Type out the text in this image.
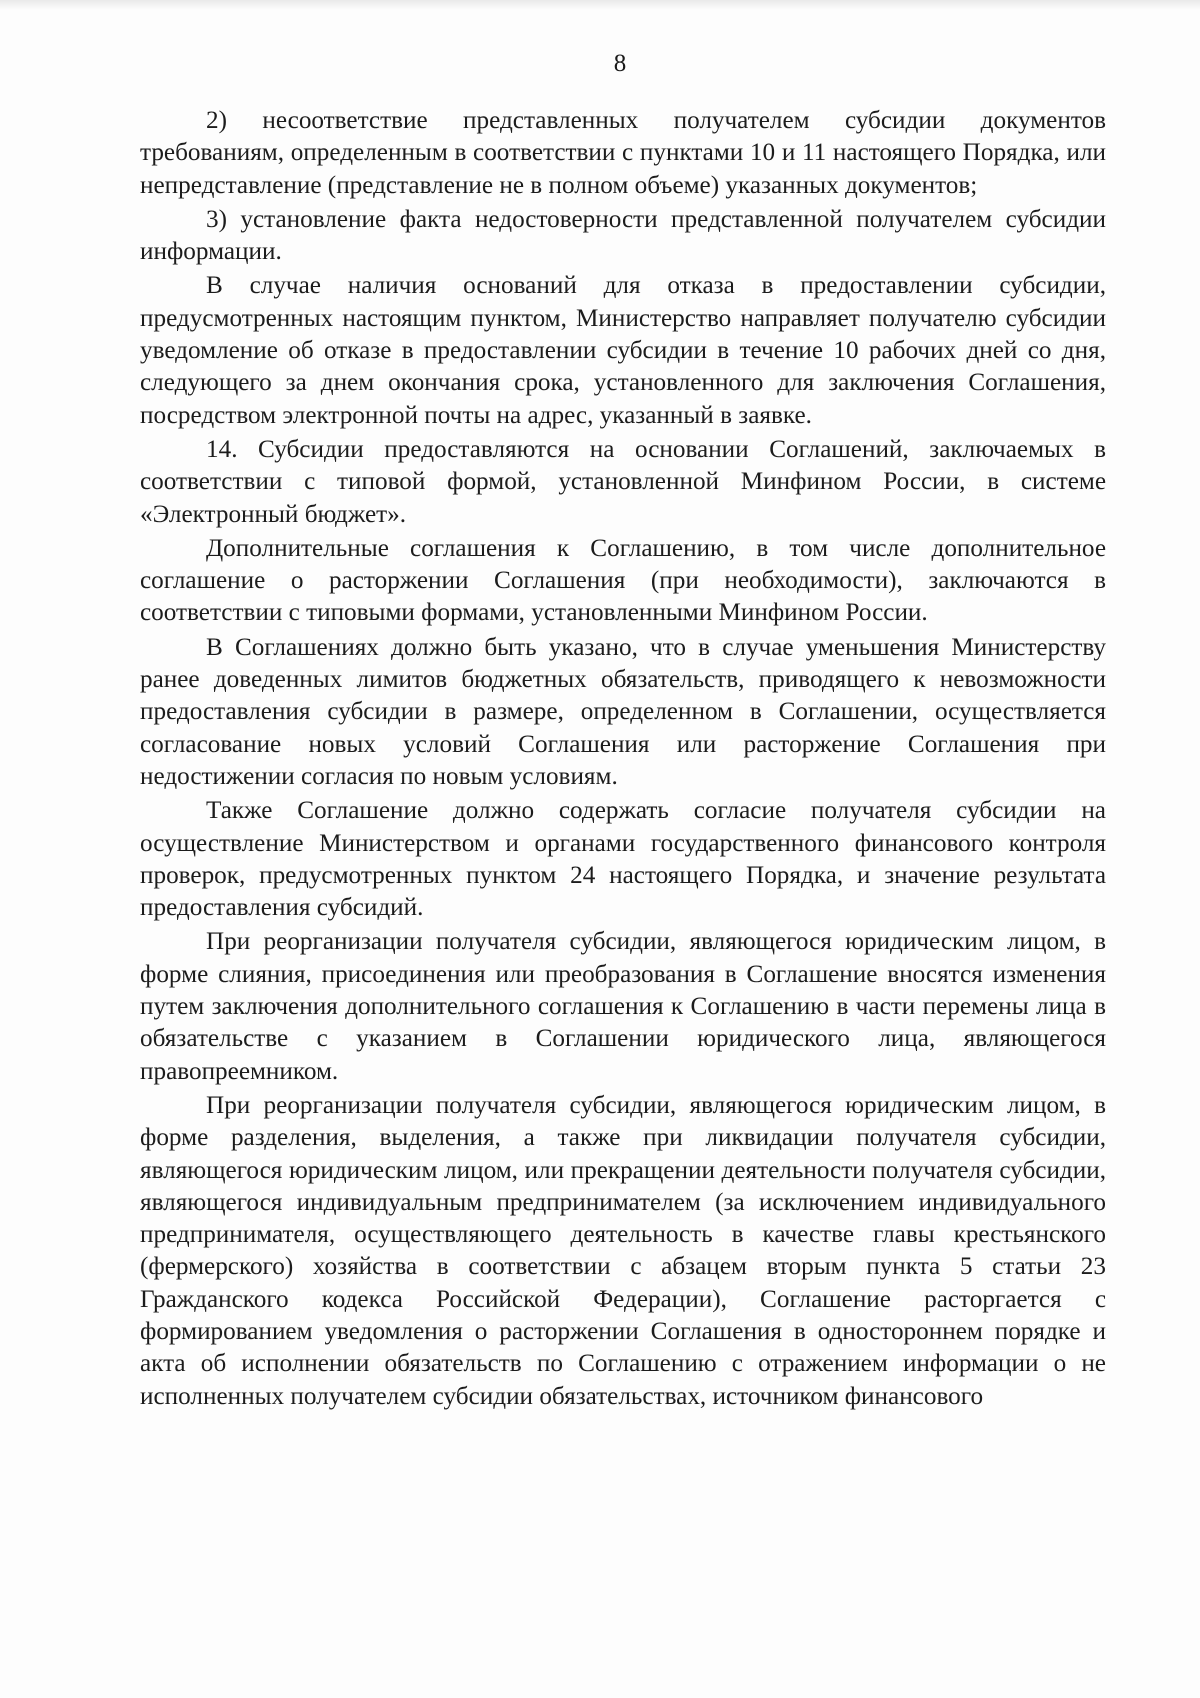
8

2) несоответствие представленных получателем субсидии документов требованиям, определенным в соответствии с пунктами 10 и 11 настоящего Порядка, или непредставление (представление не в полном объеме) указанных документов;

3) установление факта недостоверности представленной получателем субсидии информации.

В случае наличия оснований для отказа в предоставлении субсидии, предусмотренных настоящим пунктом, Министерство направляет получателю субсидии уведомление об отказе в предоставлении субсидии в течение 10 рабочих дней со дня, следующего за днем окончания срока, установленного для заключения Соглашения, посредством электронной почты на адрес, указанный в заявке.

14. Субсидии предоставляются на основании Соглашений, заключаемых в соответствии с типовой формой, установленной Минфином России, в системе «Электронный бюджет».

Дополнительные соглашения к Соглашению, в том числе дополнительное соглашение о расторжении Соглашения (при необходимости), заключаются в соответствии с типовыми формами, установленными Минфином России.

В Соглашениях должно быть указано, что в случае уменьшения Министерству ранее доведенных лимитов бюджетных обязательств, приводящего к невозможности предоставления субсидии в размере, определенном в Соглашении, осуществляется согласование новых условий Соглашения или расторжение Соглашения при недостижении согласия по новым условиям.

Также Соглашение должно содержать согласие получателя субсидии на осуществление Министерством и органами государственного финансового контроля проверок, предусмотренных пунктом 24 настоящего Порядка, и значение результата предоставления субсидий.

При реорганизации получателя субсидии, являющегося юридическим лицом, в форме слияния, присоединения или преобразования в Соглашение вносятся изменения путем заключения дополнительного соглашения к Соглашению в части перемены лица в обязательстве с указанием в Соглашении юридического лица, являющегося правопреемником.

При реорганизации получателя субсидии, являющегося юридическим лицом, в форме разделения, выделения, а также при ликвидации получателя субсидии, являющегося юридическим лицом, или прекращении деятельности получателя субсидии, являющегося индивидуальным предпринимателем (за исключением индивидуального предпринимателя, осуществляющего деятельность в качестве главы крестьянского (фермерского) хозяйства в соответствии с абзацем вторым пункта 5 статьи 23 Гражданского кодекса Российской Федерации), Соглашение расторгается с формированием уведомления о расторжении Соглашения в одностороннем порядке и акта об исполнении обязательств по Соглашению с отражением информации о не исполненных получателем субсидии обязательствах, источником финансового
